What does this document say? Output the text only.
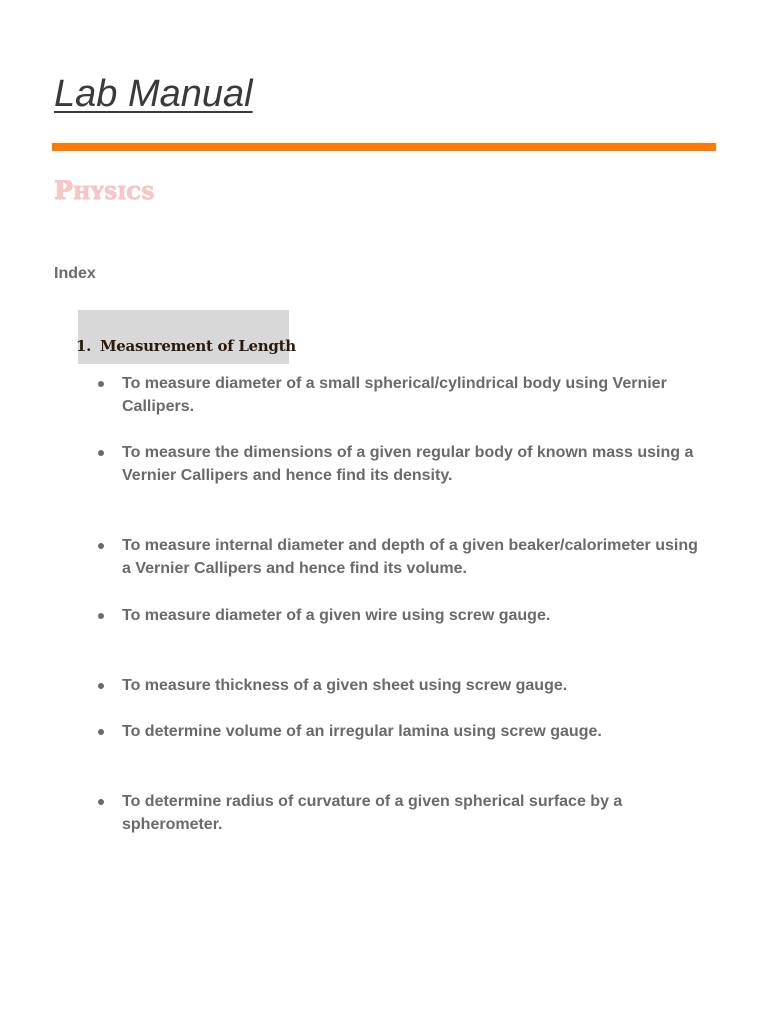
Lab Manual
Physics

Index

1. Measurement of Length
To measure diameter of a small spherical/cylindrical body using Vernier Callipers.
To measure the dimensions of a given regular body of known mass using a Vernier Callipers and hence find its density.
To measure internal diameter and depth of a given beaker/calorimeter using a Vernier Callipers and hence find its volume.
To measure diameter of a given wire using screw gauge.
To measure thickness of a given sheet using screw gauge.
To determine volume of an irregular lamina using screw gauge.
To determine radius of curvature of a given spherical surface by a spherometer.
